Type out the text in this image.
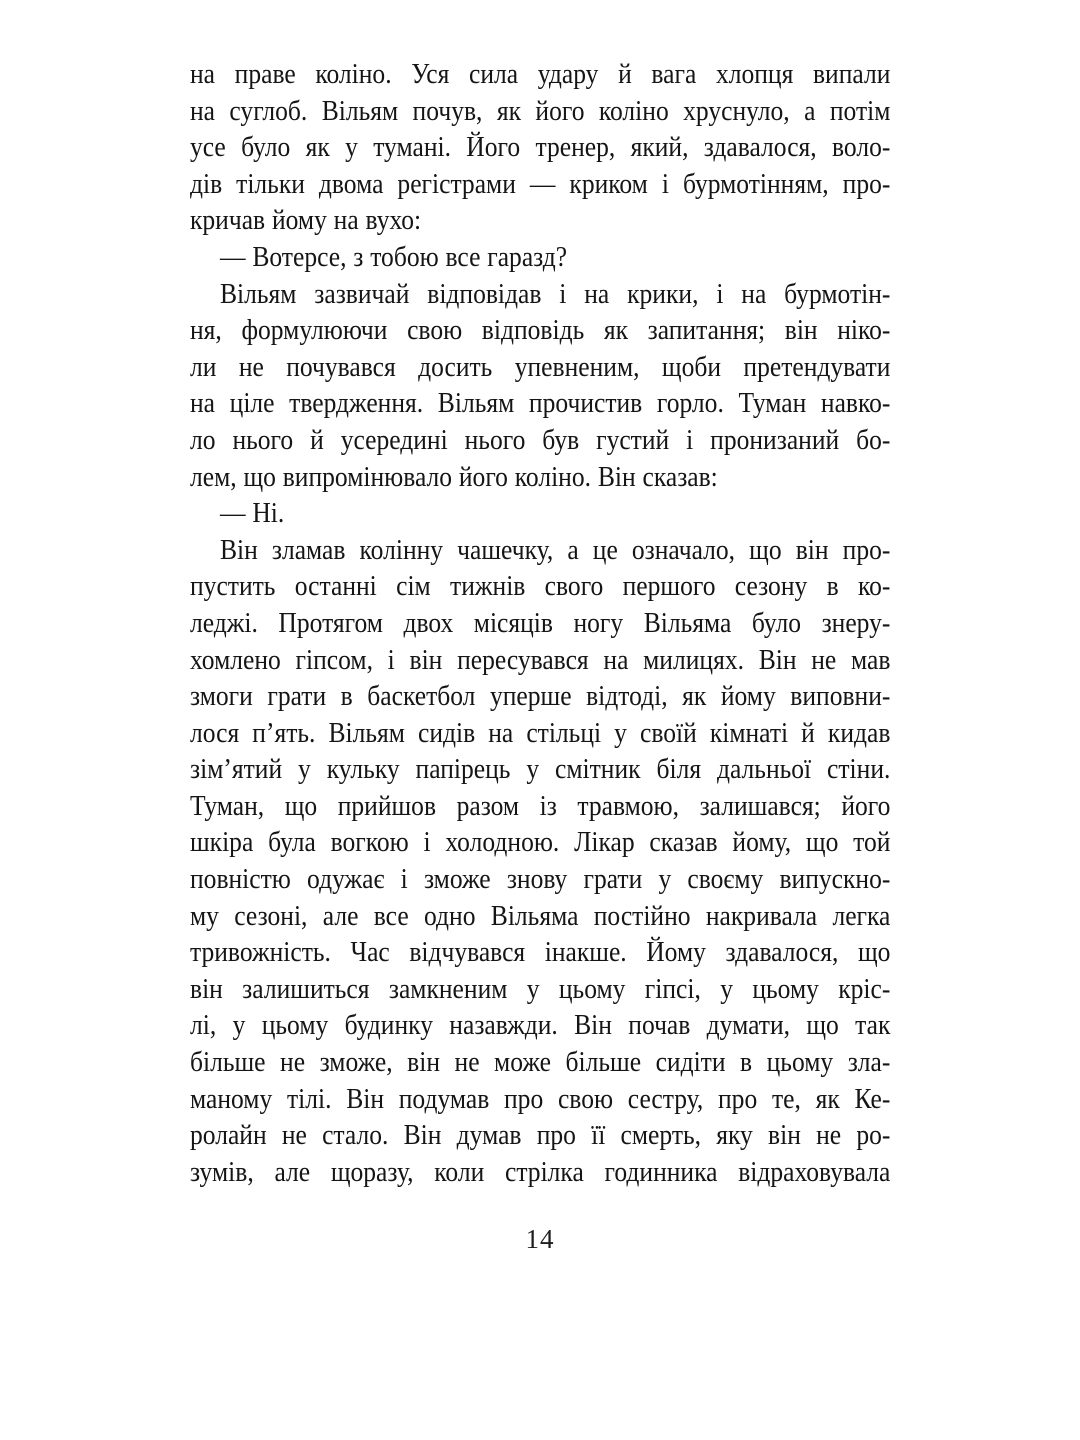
на праве коліно. Уся сила удару й вага хлопця випали
на суглоб. Вільям почув, як його коліно хруснуло, а потім
усе було як у тумані. Його тренер, який, здавалося, воло-
дів тільки двома регістрами — криком і бурмотінням, про-
кричав йому на вухо:
— Вотерсе, з тобою все гаразд?
Вільям зазвичай відповідав і на крики, і на бурмотін-
ня, формулюючи свою відповідь як запитання; він ніко-
ли не почувався досить упевненим, щоби претендувати
на ціле твердження. Вільям прочистив горло. Туман навко-
ло нього й усередині нього був густий і пронизаний бо-
лем, що випромінювало його коліно. Він сказав:
— Ні.
Він зламав колінну чашечку, а це означало, що він про-
пустить останні сім тижнів свого першого сезону в ко-
леджі. Протягом двох місяців ногу Вільяма було знеру-
хомлено гіпсом, і він пересувався на милицях. Він не мав
змоги грати в баскетбол уперше відтоді, як йому виповни-
лося п’ять. Вільям сидів на стільці у своїй кімнаті й кидав
зім’ятий у кульку папірець у смітник біля дальньої стіни.
Туман, що прийшов разом із травмою, залишався; його
шкіра була вогкою і холодною. Лікар сказав йому, що той
повністю одужає і зможе знову грати у своєму випускно-
му сезоні, але все одно Вільяма постійно накривала легка
тривожність. Час відчувався інакше. Йому здавалося, що
він залишиться замкненим у цьому гіпсі, у цьому кріс-
лі, у цьому будинку назавжди. Він почав думати, що так
більше не зможе, він не може більше сидіти в цьому зла-
маному тілі. Він подумав про свою сестру, про те, як Ке-
ролайн не стало. Він думав про її смерть, яку він не ро-
зумів, але щоразу, коли стрілка годинника відраховувала
14
